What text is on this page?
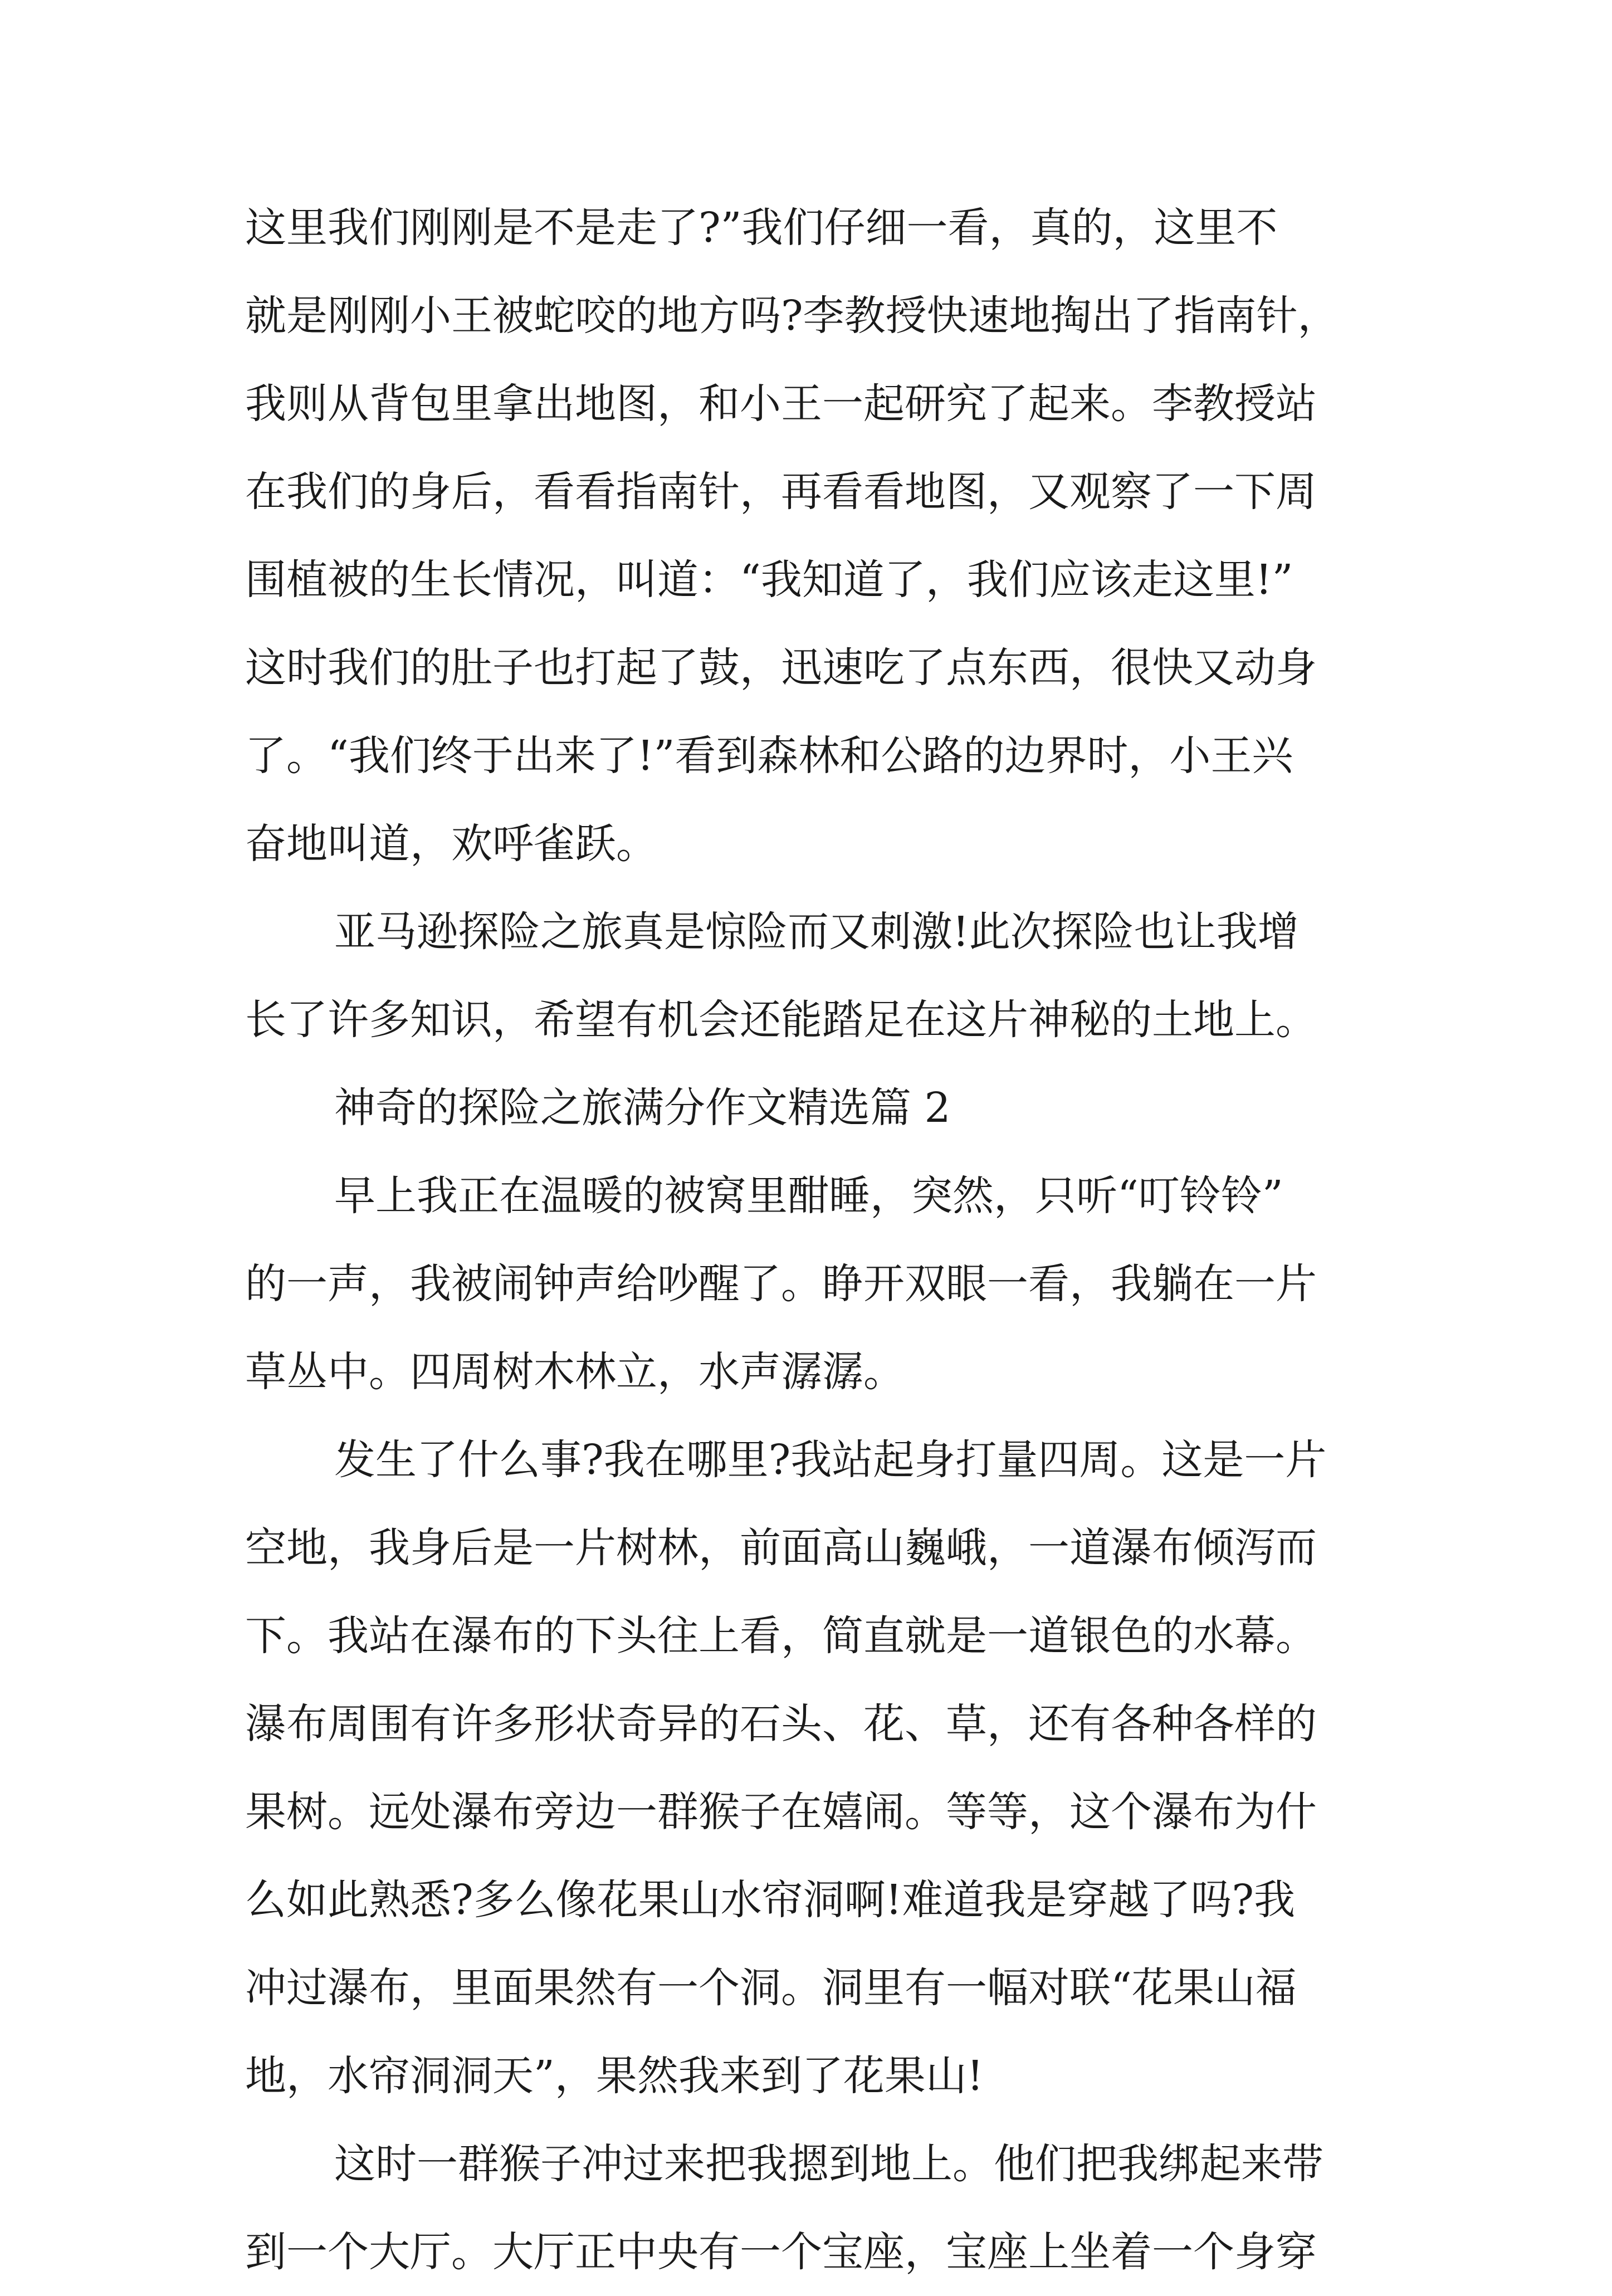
这里我们刚刚是不是走了?”我们仔细一看，真的，这里不
就是刚刚小王被蛇咬的地方吗?李教授快速地掏出了指南针，
我则从背包里拿出地图，和小王一起研究了起来。李教授站
在我们的身后，看看指南针，再看看地图，又观察了一下周
围植被的生长情况，叫道：“我知道了，我们应该走这里!”
这时我们的肚子也打起了鼓，迅速吃了点东西，很快又动身
了。“我们终于出来了!”看到森林和公路的边界时，小王兴
奋地叫道，欢呼雀跃。
亚马逊探险之旅真是惊险而又刺激!此次探险也让我增
长了许多知识，希望有机会还能踏足在这片神秘的土地上。
神奇的探险之旅满分作文精选篇 2
早上我正在温暖的被窝里酣睡，突然，只听“叮铃铃”
的一声，我被闹钟声给吵醒了。睁开双眼一看，我躺在一片
草丛中。四周树木林立，水声潺潺。
发生了什么事?我在哪里?我站起身打量四周。这是一片
空地，我身后是一片树林，前面高山巍峨，一道瀑布倾泻而
下。我站在瀑布的下头往上看，简直就是一道银色的水幕。
瀑布周围有许多形状奇异的石头、花、草，还有各种各样的
果树。远处瀑布旁边一群猴子在嬉闹。等等，这个瀑布为什
么如此熟悉?多么像花果山水帘洞啊!难道我是穿越了吗?我
冲过瀑布，里面果然有一个洞。洞里有一幅对联“花果山福
地，水帘洞洞天”，果然我来到了花果山!
这时一群猴子冲过来把我摁到地上。他们把我绑起来带
到一个大厅。大厅正中央有一个宝座，宝座上坐着一个身穿
